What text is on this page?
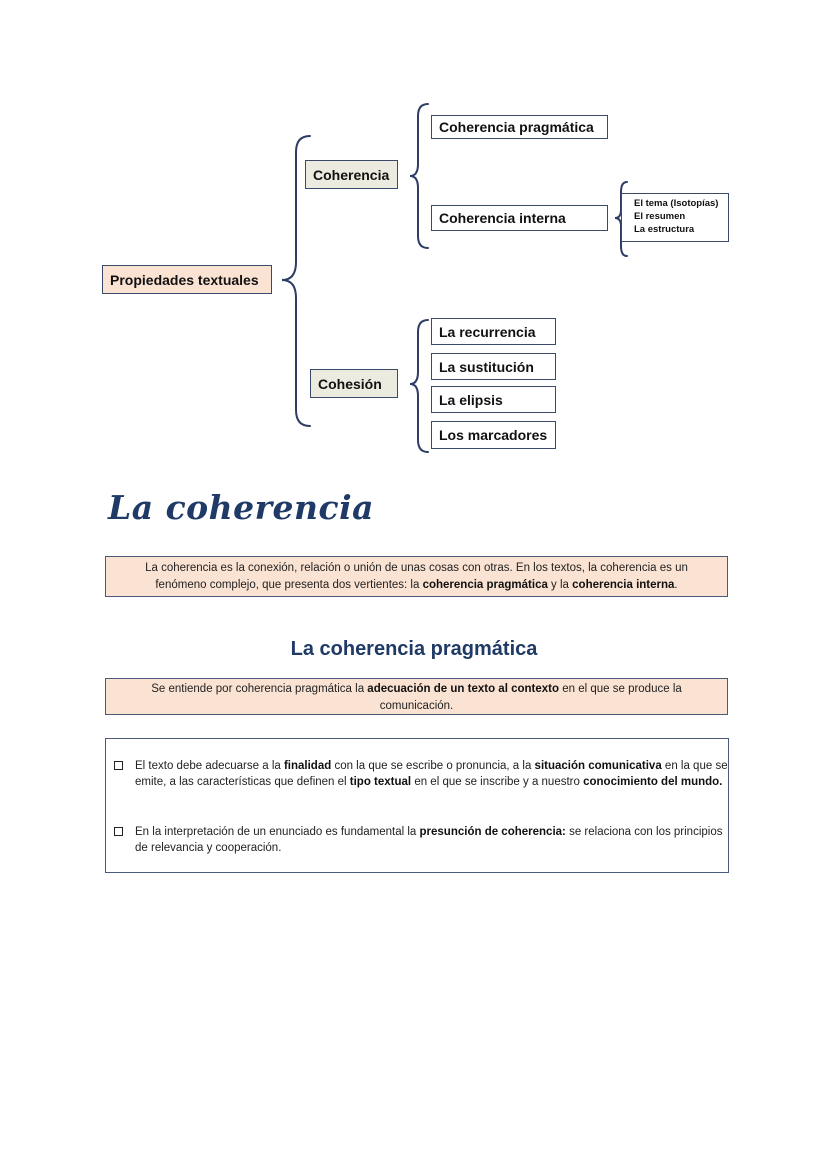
Propiedades textuales
Coherencia
Cohesión
Coherencia pragmática
Coherencia interna
El tema (Isotopías)
El resumen
La estructura
La recurrencia
La sustitución
La elipsis
Los marcadores
La coherencia
La coherencia es la conexión, relación o unión de unas cosas con otras. En los textos, la coherencia es un fenómeno complejo, que presenta dos vertientes: la coherencia pragmática y la coherencia interna.
La coherencia pragmática
Se entiende por coherencia pragmática la adecuación de un texto al contexto en el que se produce la comunicación.
El texto debe adecuarse a la finalidad con la que se escribe o pronuncia, a la situación comunicativa en la que se emite, a las características que definen el tipo textual en el que se inscribe y a nuestro conocimiento del mundo.
En la interpretación de un enunciado es fundamental la presunción de coherencia: se relaciona con los principios de relevancia y cooperación.
